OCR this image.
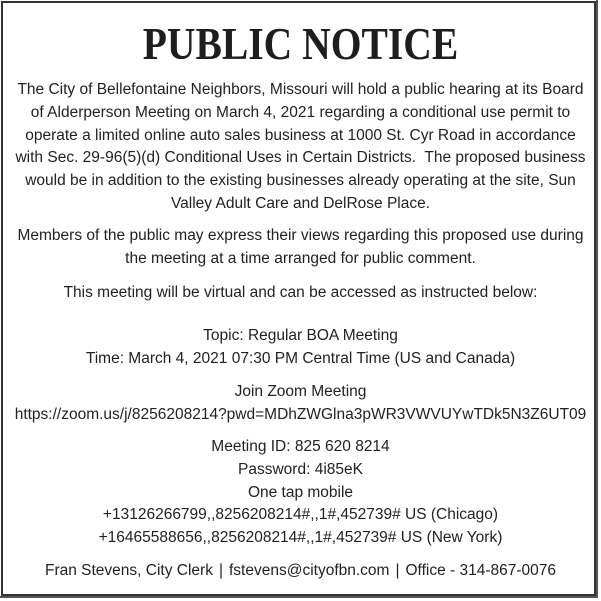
PUBLIC NOTICE
The City of Bellefontaine Neighbors, Missouri will hold a public hearing at its Board
of Alderperson Meeting on March 4, 2021 regarding a conditional use permit to
operate a limited online auto sales business at 1000 St. Cyr Road in accordance
with Sec. 29-96(5)(d) Conditional Uses in Certain Districts.  The proposed business
would be in addition to the existing businesses already operating at the site, Sun
Valley Adult Care and DelRose Place.
Members of the public may express their views regarding this proposed use during
the meeting at a time arranged for public comment.
This meeting will be virtual and can be accessed as instructed below:
Topic: Regular BOA Meeting
Time: March 4, 2021 07:30 PM Central Time (US and Canada)
Join Zoom Meeting
https://zoom.us/j/8256208214?pwd=MDhZWGlna3pWR3VWVUYwTDk5N3Z6UT09
Meeting ID: 825 620 8214
Password: 4i85eK
One tap mobile
+13126266799,,8256208214#,,1#,452739# US (Chicago)
+16465588656,,8256208214#,,1#,452739# US (New York)
Fran Stevens, City Clerk | fstevens@cityofbn.com | Office - 314-867-0076
